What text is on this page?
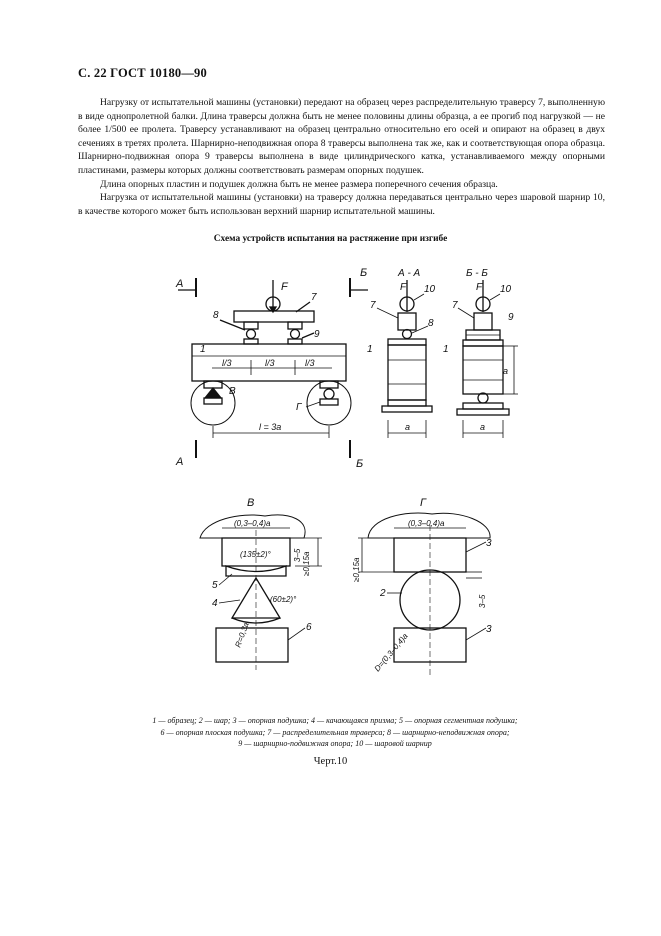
С. 22 ГОСТ 10180—90

Нагрузку от испытательной машины (установки) передают на образец через распределительную траверсу 7, выполненную в виде однопролетной балки. Длина траверсы должна быть не менее половины длины образца, а ее прогиб под нагрузкой — не более 1/500 ее пролета. Траверсу устанавливают на образец центрально относительно его осей и опирают на образец в двух сечениях в третях пролета. Шарнирно-неподвижная опора 8 траверсы выполнена так же, как и соответствующая опора образца. Шарнирно-подвижная опора 9 траверсы выполнена в виде цилиндрического катка, устанавливаемого между опорными пластинами, размеры которых должны соответствовать размерам опорных подушек.

Длина опорных пластин и подушек должна быть не менее размера поперечного сечения образца.

Нагрузка от испытательной машины (установки) на траверсу должна передаваться центрально через шаровой шарнир 10, в качестве которого может быть использован верхний шарнир испытательной машины.

Схема устройств испытания на растяжение при изгибе
А
А
Б
Б
F
7
8
9
1
l/3	l/3	l/3
В
Г
l = 3a
А - А
F 10
7
8
1
a
Б - Б
F 10
7
9
1
a
a
В
(0,3–0,4)a
(135±2)°
(60±2)°
5
4
6
R=0,3a
≥0,15a
3–5
Г
(0,3–0,4)a
3
2
3
≥0,15a
3–5
D=(0,3–0,4)a
1 — образец; 2 — шар; 3 — опорная подушка; 4 — качающаяся призма; 5 — опорная сегментная подушка;
6 — опорная плоская подушка; 7 — распределительная траверса; 8 — шарнирно-неподвижная опора;
9 — шарнирно-подвижная опора; 10 — шаровой шарнир
Черт.10
